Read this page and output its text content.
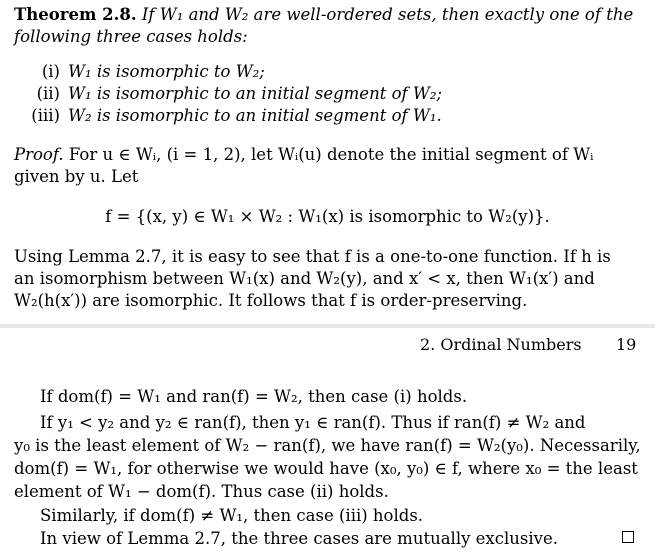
Theorem 2.8. If W₁ and W₂ are well-ordered sets, then exactly one of the
following three cases holds:
(i) W₁ is isomorphic to W₂;
(ii) W₁ is isomorphic to an initial segment of W₂;
(iii) W₂ is isomorphic to an initial segment of W₁.
Proof. For u ∈ Wᵢ, (i = 1, 2), let Wᵢ(u) denote the initial segment of Wᵢ
given by u. Let
f = {(x, y) ∈ W₁ × W₂ : W₁(x) is isomorphic to W₂(y)}.
Using Lemma 2.7, it is easy to see that f is a one-to-one function. If h is
an isomorphism between W₁(x) and W₂(y), and x′ < x, then W₁(x′) and
W₂(h(x′)) are isomorphic. It follows that f is order-preserving.
2. Ordinal Numbers 19
If dom(f) = W₁ and ran(f) = W₂, then case (i) holds.
If y₁ < y₂ and y₂ ∈ ran(f), then y₁ ∈ ran(f). Thus if ran(f) ≠ W₂ and
y₀ is the least element of W₂ − ran(f), we have ran(f) = W₂(y₀). Necessarily,
dom(f) = W₁, for otherwise we would have (x₀, y₀) ∈ f, where x₀ = the least
element of W₁ − dom(f). Thus case (ii) holds.
Similarly, if dom(f) ≠ W₁, then case (iii) holds.
In view of Lemma 2.7, the three cases are mutually exclusive.
